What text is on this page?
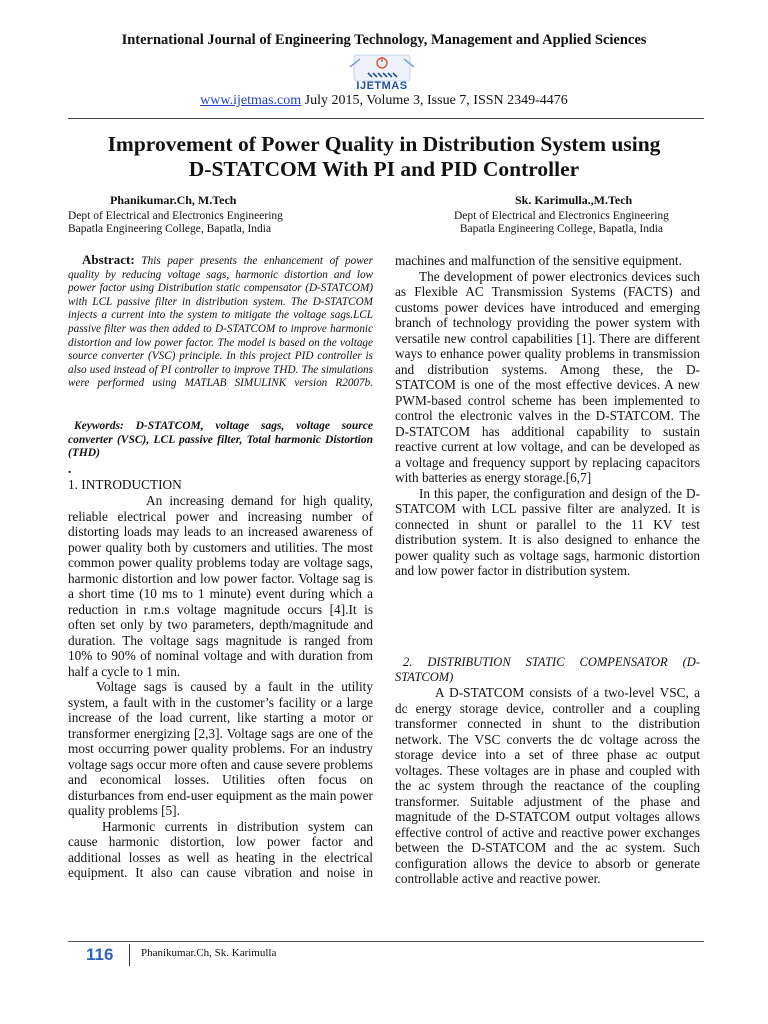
International Journal of Engineering Technology, Management and Applied Sciences
IJETMAS
www.ijetmas.com July 2015, Volume 3, Issue 7, ISSN 2349-4476
Improvement of Power Quality in Distribution System using
D-STATCOM With PI and PID Controller
Phanikumar.Ch, M.Tech
Dept of Electrical and Electronics Engineering
Bapatla Engineering College, Bapatla, India
Sk. Karimulla.,M.Tech
Dept of Electrical and Electronics Engineering
Bapatla Engineering College, Bapatla, India

Abstract: This paper presents the enhancement of power quality by reducing voltage sags, harmonic distortion and low power factor using Distribution static compensator (D-STATCOM) with LCL passive filter in distribution system. The D-STATCOM injects a current into the system to mitigate the voltage sags.LCL passive filter was then added to D-STATCOM to improve harmonic distortion and low power factor. The model is based on the voltage source converter (VSC) principle. In this project PID controller is also used instead of PI controller to improve THD. The simulations were performed using MATLAB SIMULINK version R2007b.

Keywords: D-STATCOM, voltage sags, voltage source converter (VSC), LCL passive filter, Total harmonic Distortion (THD)

.
1. INTRODUCTION

An increasing demand for high quality, reliable electrical power and increasing number of distorting loads may leads to an increased awareness of power quality both by customers and utilities. The most common power quality problems today are voltage sags, harmonic distortion and low power factor. Voltage sag is a short time (10 ms to 1 minute) event during which a reduction in r.m.s voltage magnitude occurs [4].It is often set only by two parameters, depth/magnitude and duration. The voltage sags magnitude is ranged from 10% to 90% of nominal voltage and with duration from half a cycle to 1 min.

Voltage sags is caused by a fault in the utility system, a fault with in the customer’s facility or a large increase of the load current, like starting a motor or transformer energizing [2,3]. Voltage sags are one of the most occurring power quality problems. For an industry voltage sags occur more often and cause severe problems and economical losses. Utilities often focus on disturbances from end-user equipment as the main power quality problems [5].

Harmonic currents in distribution system can cause harmonic distortion, low power factor and additional losses as well as heating in the electrical equipment. It also can cause vibration and noise in

machines and malfunction of the sensitive equipment.

The development of power electronics devices such as Flexible AC Transmission Systems (FACTS) and customs power devices have introduced and emerging branch of technology providing the power system with versatile new control capabilities [1]. There are different ways to enhance power quality problems in transmission and distribution systems. Among these, the D-STATCOM is one of the most effective devices. A new PWM-based control scheme has been implemented to control the electronic valves in the D-STATCOM. The D-STATCOM has additional capability to sustain reactive current at low voltage, and can be developed as a voltage and frequency support by replacing capacitors with batteries as energy storage.[6,7]

In this paper, the configuration and design of the D-STATCOM with LCL passive filter are analyzed. It is connected in shunt or parallel to the 11 KV test distribution system. It is also designed to enhance the power quality such as voltage sags, harmonic distortion and low power factor in distribution system.

2. DISTRIBUTION STATIC COMPENSATOR (D-STATCOM)

A D-STATCOM consists of a two-level VSC, a dc energy storage device, controller and a coupling transformer connected in shunt to the distribution network. The VSC converts the dc voltage across the storage device into a set of three phase ac output voltages. These voltages are in phase and coupled with the ac system through the reactance of the coupling transformer. Suitable adjustment of the phase and magnitude of the D-STATCOM output voltages allows effective control of active and reactive power exchanges between the D-STATCOM and the ac system. Such configuration allows the device to absorb or generate controllable active and reactive power.

116	Phanikumar.Ch, Sk. Karimulla
